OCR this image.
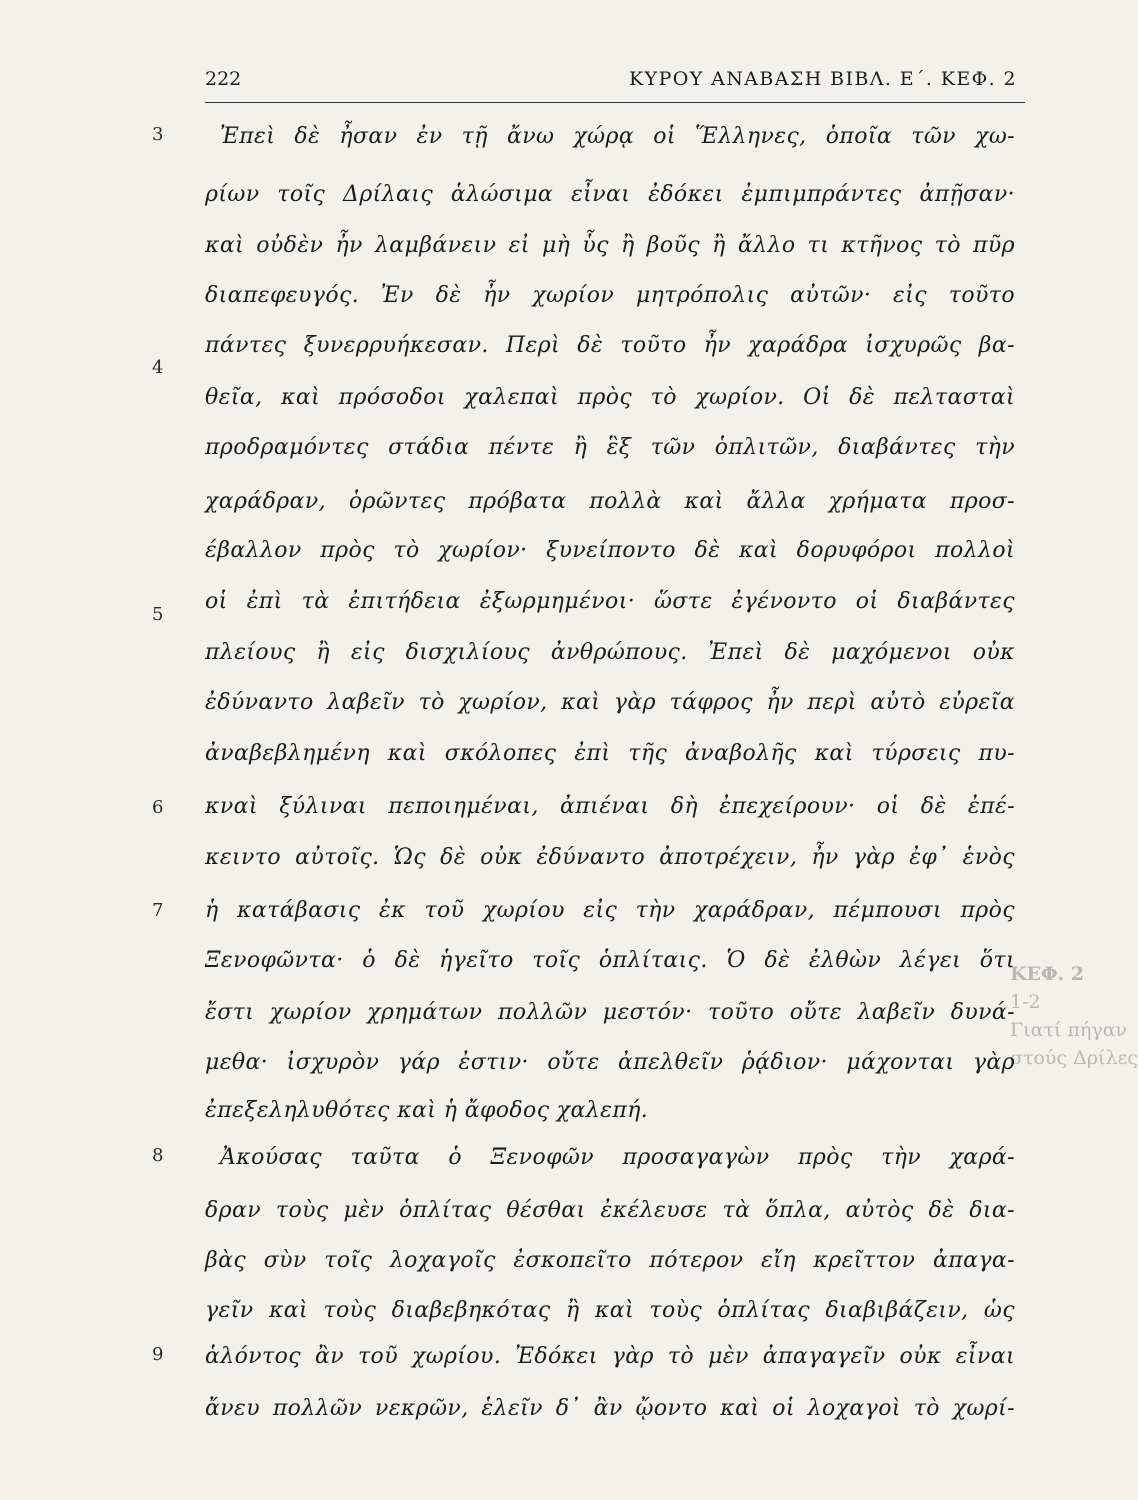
ΚΕΦ. 2
1-2
Γιατί πήγαν
στούς Δρίλες
222	ΚΥΡΟΥ ΑΝΑΒΑΣΗ ΒΙΒΛ. Ε΄. ΚΕΦ. 2
3
4
5
6
7
8
9
Ἐπεὶ δὲ ἦσαν ἐν τῇ ἄνω χώρᾳ οἱ Ἕλληνες, ὁποῖα τῶν χω-
ρίων τοῖς Δρίλαις ἁλώσιμα εἶναι ἐδόκει ἐμπιμπράντες ἀπῇσαν·
καὶ οὐδὲν ἦν λαμβάνειν εἰ μὴ ὗς ἢ βοῦς ἢ ἄλλο τι κτῆνος τὸ πῦρ
διαπεφευγός. Ἐν δὲ ἦν χωρίον μητρόπολις αὐτῶν· εἰς τοῦτο
πάντες ξυνερρυήκεσαν. Περὶ δὲ τοῦτο ἦν χαράδρα ἰσχυρῶς βα-
θεῖα, καὶ πρόσοδοι χαλεπαὶ πρὸς τὸ χωρίον. Οἱ δὲ πελτασταὶ
προδραμόντες στάδια πέντε ἢ ἓξ τῶν ὁπλιτῶν, διαβάντες τὴν
χαράδραν, ὁρῶντες πρόβατα πολλὰ καὶ ἄλλα χρήματα προσ-
έβαλλον πρὸς τὸ χωρίον· ξυνείποντο δὲ καὶ δορυφόροι πολλοὶ
οἱ ἐπὶ τὰ ἐπιτήδεια ἐξωρμημένοι· ὥστε ἐγένοντο οἱ διαβάντες
πλείους ἢ εἰς δισχιλίους ἀνθρώπους. Ἐπεὶ δὲ μαχόμενοι οὐκ
ἐδύναντο λαβεῖν τὸ χωρίον, καὶ γὰρ τάφρος ἦν περὶ αὐτὸ εὐρεῖα
ἀναβεβλημένη καὶ σκόλοπες ἐπὶ τῆς ἀναβολῆς καὶ τύρσεις πυ-
κναὶ ξύλιναι πεποιημέναι, ἀπιέναι δὴ ἐπεχείρουν· οἱ δὲ ἐπέ-
κειντο αὐτοῖς. Ὡς δὲ οὐκ ἐδύναντο ἀποτρέχειν, ἦν γὰρ ἐφ᾽ ἑνὸς
ἡ κατάβασις ἐκ τοῦ χωρίου εἰς τὴν χαράδραν, πέμπουσι πρὸς
Ξενοφῶντα· ὁ δὲ ἡγεῖτο τοῖς ὁπλίταις. Ὁ δὲ ἐλθὼν λέγει ὅτι
ἔστι χωρίον χρημάτων πολλῶν μεστόν· τοῦτο οὔτε λαβεῖν δυνά-
μεθα· ἰσχυρὸν γάρ ἐστιν· οὔτε ἀπελθεῖν ῥᾴδιον· μάχονται γὰρ
ἐπεξεληλυθότες καὶ ἡ ἄφοδος χαλεπή.
Ἀκούσας ταῦτα ὁ Ξενοφῶν προσαγαγὼν πρὸς τὴν χαρά-
δραν τοὺς μὲν ὁπλίτας θέσθαι ἐκέλευσε τὰ ὅπλα, αὐτὸς δὲ δια-
βὰς σὺν τοῖς λοχαγοῖς ἐσκοπεῖτο πότερον εἴη κρεῖττον ἀπαγα-
γεῖν καὶ τοὺς διαβεβηκότας ἢ καὶ τοὺς ὁπλίτας διαβιβάζειν, ὡς
ἁλόντος ἂν τοῦ χωρίου. Ἐδόκει γὰρ τὸ μὲν ἀπαγαγεῖν οὐκ εἶναι
ἄνευ πολλῶν νεκρῶν, ἑλεῖν δ᾽ ἂν ᾤοντο καὶ οἱ λοχαγοὶ τὸ χωρί-
